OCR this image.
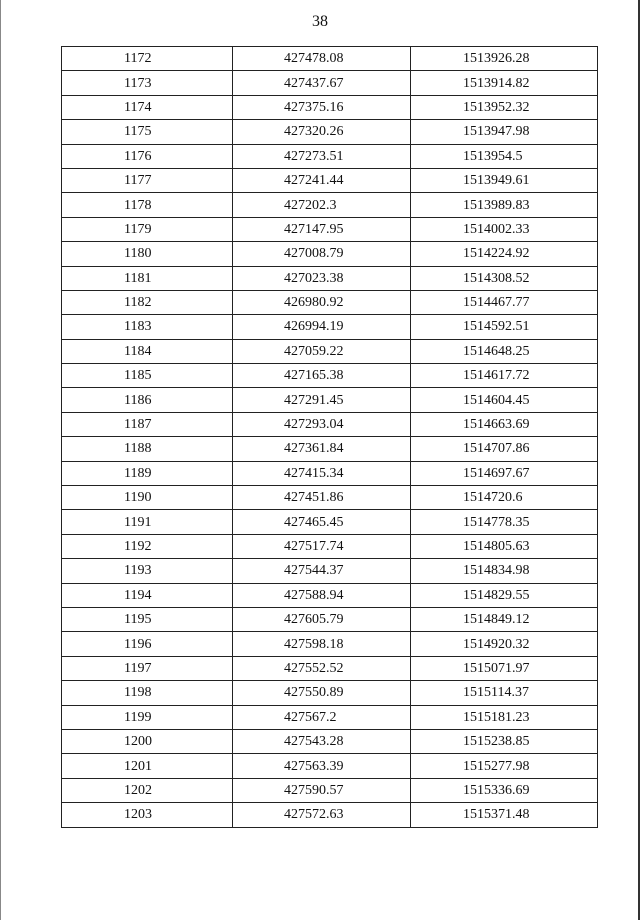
38
1172	427478.08	1513926.28
1173	427437.67	1513914.82
1174	427375.16	1513952.32
1175	427320.26	1513947.98
1176	427273.51	1513954.5
1177	427241.44	1513949.61
1178	427202.3	1513989.83
1179	427147.95	1514002.33
1180	427008.79	1514224.92
1181	427023.38	1514308.52
1182	426980.92	1514467.77
1183	426994.19	1514592.51
1184	427059.22	1514648.25
1185	427165.38	1514617.72
1186	427291.45	1514604.45
1187	427293.04	1514663.69
1188	427361.84	1514707.86
1189	427415.34	1514697.67
1190	427451.86	1514720.6
1191	427465.45	1514778.35
1192	427517.74	1514805.63
1193	427544.37	1514834.98
1194	427588.94	1514829.55
1195	427605.79	1514849.12
1196	427598.18	1514920.32
1197	427552.52	1515071.97
1198	427550.89	1515114.37
1199	427567.2	1515181.23
1200	427543.28	1515238.85
1201	427563.39	1515277.98
1202	427590.57	1515336.69
1203	427572.63	1515371.48
